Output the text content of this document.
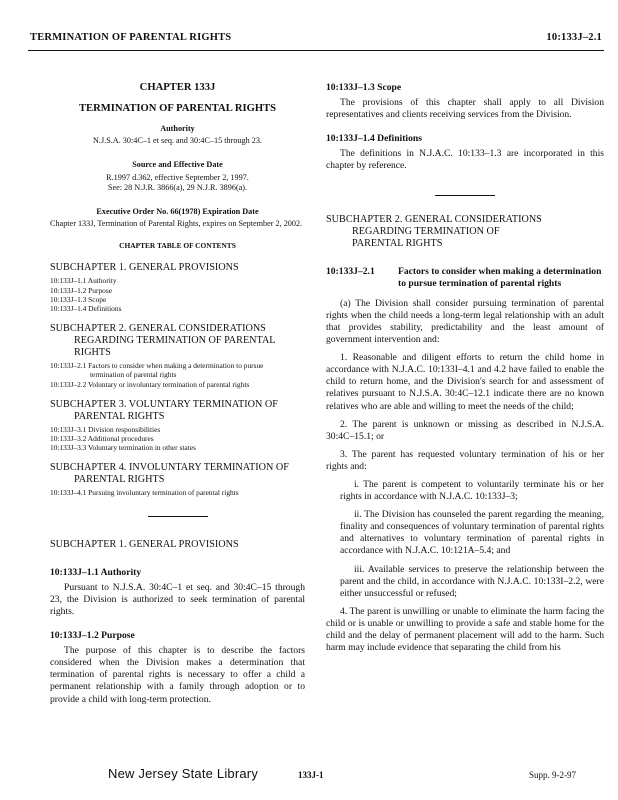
TERMINATION OF PARENTAL RIGHTS	10:133J–2.1

CHAPTER 133J

TERMINATION OF PARENTAL RIGHTS

Authority

N.J.S.A. 30:4C–1 et seq. and 30:4C–15 through 23.

Source and Effective Date

R.1997 d.362, effective September 2, 1997.

See: 28 N.J.R. 3866(a), 29 N.J.R. 3896(a).

Executive Order No. 66(1978) Expiration Date

Chapter 133J, Termination of Parental Rights, expires on September 2, 2002.

CHAPTER TABLE OF CONTENTS

SUBCHAPTER 1. GENERAL PROVISIONS

10:133J–1.1 Authority

10:133J–1.2 Purpose

10:133J–1.3 Scope

10:133J–1.4 Definitions

SUBCHAPTER 2. GENERAL CONSIDERATIONS

REGARDING TERMINATION OF PARENTAL

RIGHTS

10:133J–2.1 Factors to consider when making a determination to pursue

termination of parental rights

10:133J–2.2 Voluntary or involuntary termination of parental rights

SUBCHAPTER 3. VOLUNTARY TERMINATION OF

PARENTAL RIGHTS

10:133J–3.1 Division responsibilities

10:133J–3.2 Additional procedures

10:133J–3.3 Voluntary termination in other states

SUBCHAPTER 4. INVOLUNTARY TERMINATION OF

PARENTAL RIGHTS

10:133J–4.1 Pursuing involuntary termination of parental rights

SUBCHAPTER 1. GENERAL PROVISIONS

10:133J–1.1 Authority

Pursuant to N.J.S.A. 30:4C–1 et seq. and 30:4C–15 through 23, the Division is authorized to seek termination of parental rights.

10:133J–1.2 Purpose

The purpose of this chapter is to describe the factors considered when the Division makes a determination that termination of parental rights is necessary to offer a child a permanent relationship with a family through adoption or to provide a child with long-term protection.

10:133J–1.3 Scope

The provisions of this chapter shall apply to all Division representatives and clients receiving services from the Division.

10:133J–1.4 Definitions

The definitions in N.J.A.C. 10:133–1.3 are incorporated in this chapter by reference.

SUBCHAPTER 2. GENERAL CONSIDERATIONS

REGARDING TERMINATION OF

PARENTAL RIGHTS

10:133J–2.1	Factors to consider when making a determination to pursue termination of parental rights

(a) The Division shall consider pursuing termination of parental rights when the child needs a long-term legal relationship with an adult that provides stability, predictability and the least amount of government intervention and:

1. Reasonable and diligent efforts to return the child home in accordance with N.J.A.C. 10:133I–4.1 and 4.2 have failed to enable the child to return home, and the Division's search for and assessment of relatives pursuant to N.J.S.A. 30:4C–12.1 indicate there are no known relatives who are able and willing to meet the needs of the child;

2. The parent is unknown or missing as described in N.J.S.A. 30:4C–15.1; or

3. The parent has requested voluntary termination of his or her rights and:

i. The parent is competent to voluntarily terminate his or her rights in accordance with N.J.A.C. 10:133J–3;

ii. The Division has counseled the parent regarding the meaning, finality and consequences of voluntary termination of parental rights and alternatives to voluntary termination of parental rights in accordance with N.J.A.C. 10:121A–5.4; and

iii. Available services to preserve the relationship between the parent and the child, in accordance with N.J.A.C. 10:133I–2.2, were either unsuccessful or refused;

4. The parent is unwilling or unable to eliminate the harm facing the child or is unable or unwilling to provide a safe and stable home for the child and the delay of permanent placement will add to the harm. Such harm may include evidence that separating the child from his

New Jersey State Library	133J-1	Supp. 9-2-97
